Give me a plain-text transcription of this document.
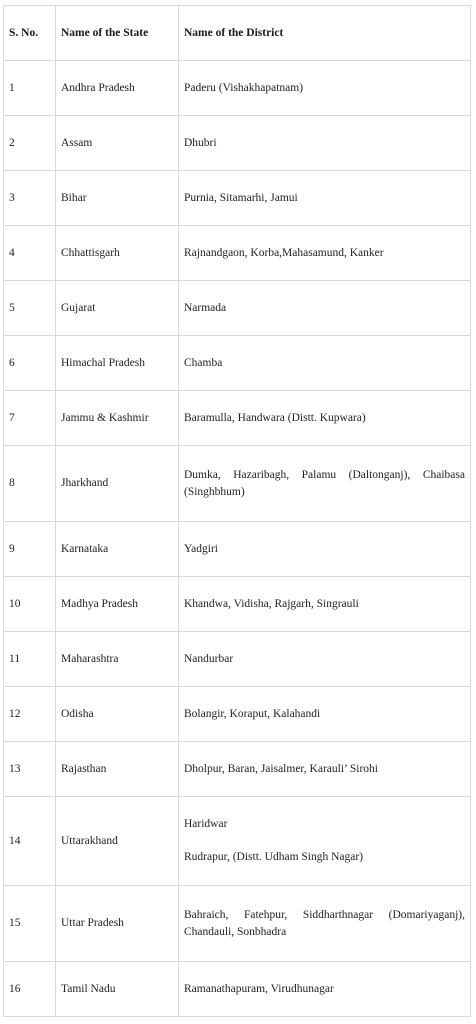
S. No.	Name of the State	Name of the District
1	Andhra Pradesh	Paderu (Vishakhapatnam)
2	Assam	Dhubri
3	Bihar	Purnia, Sitamarhi, Jamui
4	Chhattisgarh	Rajnandgaon, Korba,Mahasamund, Kanker
5	Gujarat	Narmada
6	Himachal Pradesh	Chamba
7	Jammu & Kashmir	Baramulla, Handwara (Distt. Kupwara)
8	Jharkhand	Dumka, Hazaribagh, Palamu (Daltonganj), Chaibasa (Singhbhum)
9	Karnataka	Yadgiri
10	Madhya Pradesh	Khandwa, Vidisha, Rajgarh, Singrauli
11	Maharashtra	Nandurbar
12	Odisha	Bolangir, Koraput, Kalahandi
13	Rajasthan	Dholpur, Baran, Jaisalmer, Karauli’ Sirohi
14	Uttarakhand	Haridwar
Rudrapur, (Distt. Udham Singh Nagar)

15	Uttar Pradesh	Bahraich, Fatehpur, Siddharthnagar (Domariyaganj), Chandauli, Sonbhadra
16	Tamil Nadu	Ramanathapuram, Virudhunagar
